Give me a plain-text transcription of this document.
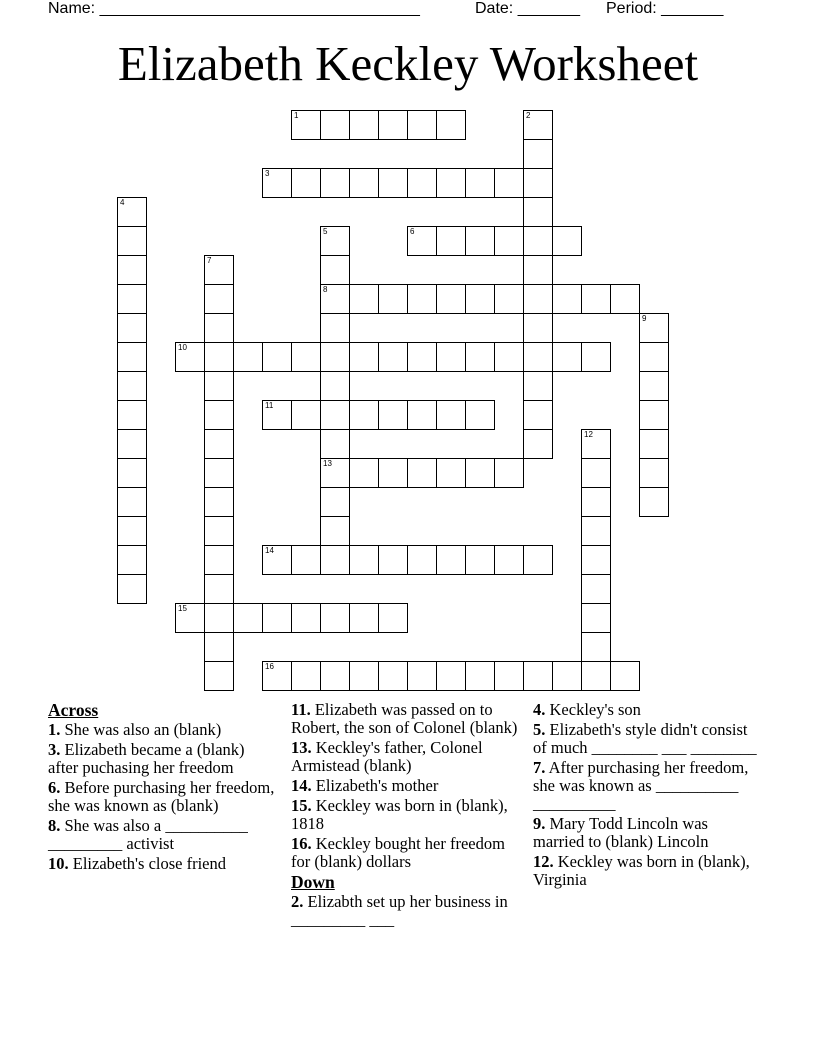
Name: ____________________________________	Date: _______ Period: _______
Elizabeth Keckley Worksheet
1	2
3
4
5
8
13
6
7
9
10
11
12
14
15
16
Across
1. She was also an (blank)
3. Elizabeth became a (blank) after puchasing her freedom
6. Before purchasing her freedom, she was known as (blank)
8. She was also a __________ _________ activist
10. Elizabeth's close friend
11. Elizabeth was passed on to Robert, the son of Colonel (blank)
13. Keckley's father, Colonel Armistead (blank)
14. Elizabeth's mother
15. Keckley was born in (blank), 1818
16. Keckley bought her freedom for (blank) dollars
Down
2. Elizabth set up her business in _________ ___
4. Keckley's son
5. Elizabeth's style didn't consist of much ________ ___ ________
7. After purchasing her freedom, she was known as __________ __________
9. Mary Todd Lincoln was married to (blank) Lincoln
12. Keckley was born in (blank), Virginia
